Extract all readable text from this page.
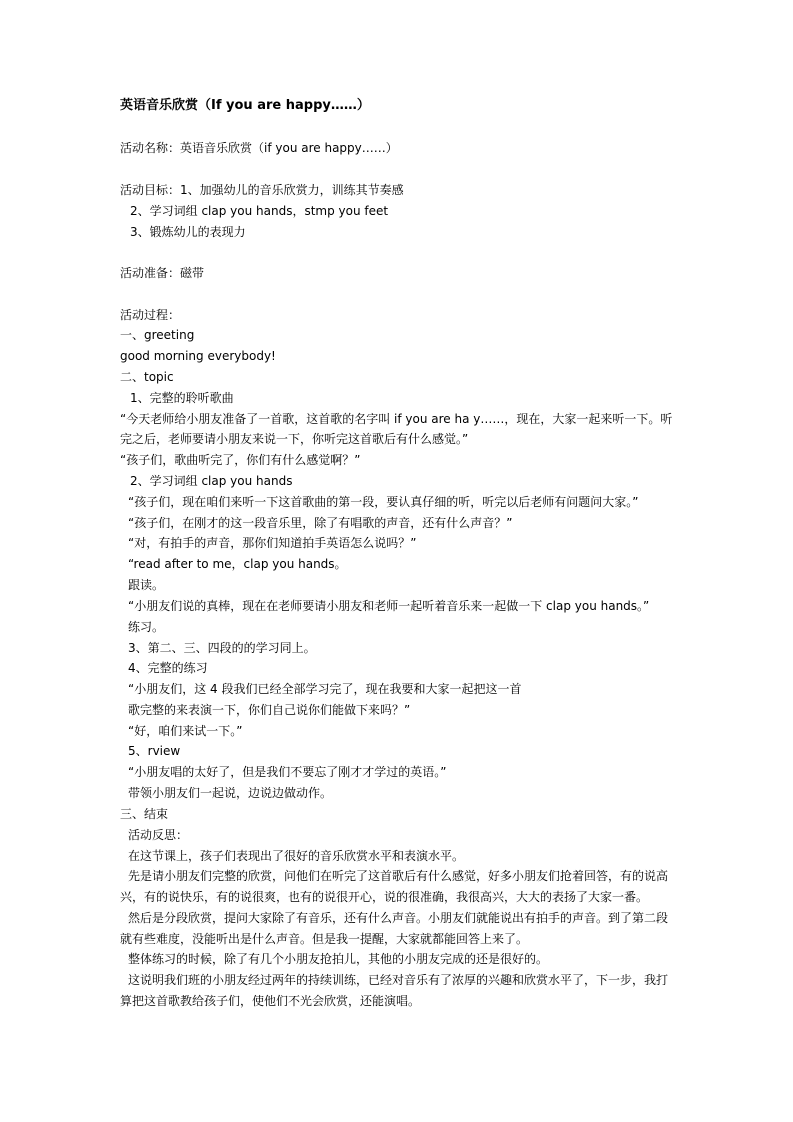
英语音乐欣赏（If you are happy……）
活动名称：英语音乐欣赏（if you are happy……）
活动目标：1、加强幼儿的音乐欣赏力，训练其节奏感
2、学习词组 clap you hands，stmp you feet
3、锻炼幼儿的表现力
活动准备：磁带
活动过程：
一、greeting
good morning everybody!
二、topic
1、完整的聆听歌曲
“今天老师给小朋友准备了一首歌，这首歌的名字叫 if you are ha y……，现在，大家一起来听一下。听
完之后，老师要请小朋友来说一下，你听完这首歌后有什么感觉。”
“孩子们，歌曲听完了，你们有什么感觉啊？”
2、学习词组 clap you hands
“孩子们，现在咱们来听一下这首歌曲的第一段，要认真仔细的听，听完以后老师有问题问大家。”
“孩子们，在刚才的这一段音乐里，除了有唱歌的声音，还有什么声音？”
“对，有拍手的声音，那你们知道拍手英语怎么说吗？”
“read after to me，clap you hands。
跟读。
“小朋友们说的真棒，现在在老师要请小朋友和老师一起听着音乐来一起做一下 clap you hands。”
练习。
3、第二、三、四段的的学习同上。
4、完整的练习
“小朋友们，这 4 段我们已经全部学习完了，现在我要和大家一起把这一首
歌完整的来表演一下，你们自己说你们能做下来吗？”
“好，咱们来试一下。”
5、rview
“小朋友唱的太好了，但是我们不要忘了刚才才学过的英语。”
带领小朋友们一起说，边说边做动作。
三、结束
活动反思：
在这节课上，孩子们表现出了很好的音乐欣赏水平和表演水平。
先是请小朋友们完整的欣赏，问他们在听完了这首歌后有什么感觉，好多小朋友们抢着回答，有的说高
兴，有的说快乐，有的说很爽，也有的说很开心，说的很准确，我很高兴，大大的表扬了大家一番。
然后是分段欣赏，提问大家除了有音乐，还有什么声音。小朋友们就能说出有拍手的声音。到了第二段
就有些难度，没能听出是什么声音。但是我一提醒，大家就都能回答上来了。
整体练习的时候，除了有几个小朋友抢拍儿，其他的小朋友完成的还是很好的。
这说明我们班的小朋友经过两年的持续训练，已经对音乐有了浓厚的兴趣和欣赏水平了，下一步，我打
算把这首歌教给孩子们，使他们不光会欣赏，还能演唱。
